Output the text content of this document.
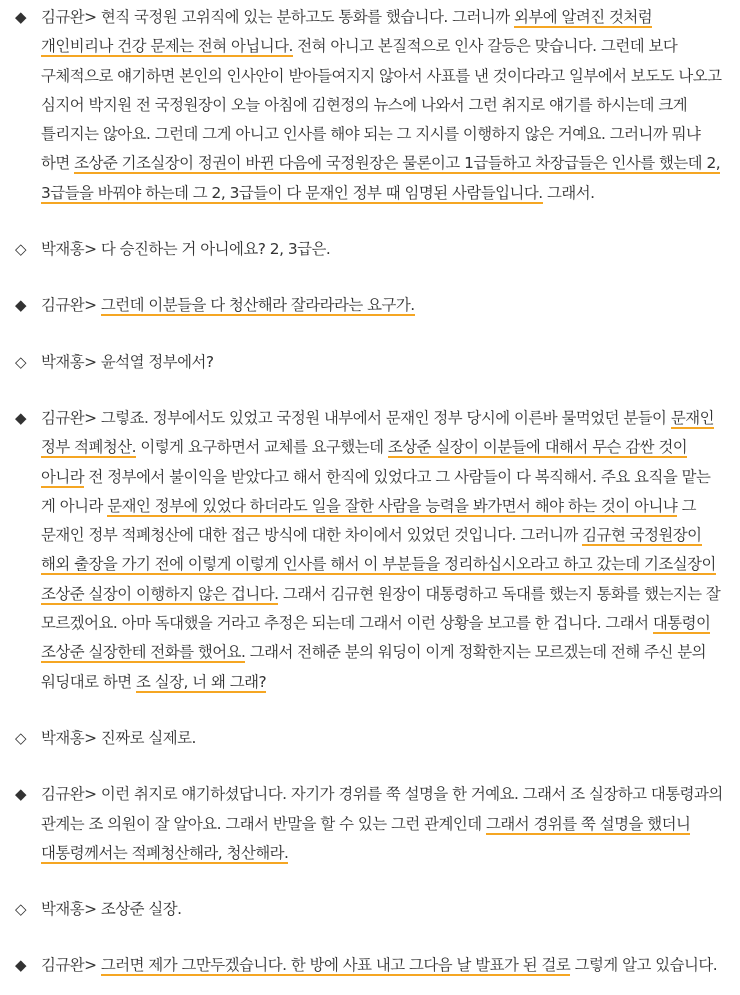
◆ 김규완> 현직 국정원 고위직에 있는 분하고도 통화를 했습니다. 그러니까 외부에 알려진 것처럼 개인비리나 건강 문제는 전혀 아닙니다. 전혀 아니고 본질적으로 인사 갈등은 맞습니다. 그런데 보다 구체적으로 얘기하면 본인의 인사안이 받아들여지지 않아서 사표를 낸 것이다라고 일부에서 보도도 나오고 심지어 박지원 전 국정원장이 오늘 아침에 김현정의 뉴스에 나와서 그런 취지로 얘기를 하시는데 크게 틀리지는 않아요. 그런데 그게 아니고 인사를 해야 되는 그 지시를 이행하지 않은 거예요. 그러니까 뭐냐 하면 조상준 기조실장이 정권이 바뀐 다음에 국정원장은 물론이고 1급들하고 차장급들은 인사를 했는데 2, 3급들을 바꿔야 하는데 그 2, 3급들이 다 문재인 정부 때 임명된 사람들입니다. 그래서.

◇ 박재홍> 다 승진하는 거 아니에요? 2, 3급은.

◆ 김규완> 그런데 이분들을 다 청산해라 잘라라라는 요구가.

◇ 박재홍> 윤석열 정부에서?

◆ 김규완> 그렇죠. 정부에서도 있었고 국정원 내부에서 문재인 정부 당시에 이른바 물먹었던 분들이 문재인 정부 적폐청산. 이렇게 요구하면서 교체를 요구했는데 조상준 실장이 이분들에 대해서 무슨 감싼 것이 아니라 전 정부에서 불이익을 받았다고 해서 한직에 있었다고 그 사람들이 다 복직해서. 주요 요직을 맡는 게 아니라 문재인 정부에 있었다 하더라도 일을 잘한 사람을 능력을 봐가면서 해야 하는 것이 아니냐 그 문재인 정부 적폐청산에 대한 접근 방식에 대한 차이에서 있었던 것입니다. 그러니까 김규현 국정원장이 해외 출장을 가기 전에 이렇게 이렇게 인사를 해서 이 부분들을 정리하십시오라고 하고 갔는데 기조실장이 조상준 실장이 이행하지 않은 겁니다. 그래서 김규현 원장이 대통령하고 독대를 했는지 통화를 했는지는 잘 모르겠어요. 아마 독대했을 거라고 추정은 되는데 그래서 이런 상황을 보고를 한 겁니다. 그래서 대통령이 조상준 실장한테 전화를 했어요. 그래서 전해준 분의 워딩이 이게 정확한지는 모르겠는데 전해 주신 분의 워딩대로 하면 조 실장, 너 왜 그래?

◇ 박재홍> 진짜로 실제로.

◆ 김규완> 이런 취지로 얘기하셨답니다. 자기가 경위를 쭉 설명을 한 거예요. 그래서 조 실장하고 대통령과의 관계는 조 의원이 잘 알아요. 그래서 반말을 할 수 있는 그런 관계인데 그래서 경위를 쭉 설명을 했더니 대통령께서는 적폐청산해라, 청산해라.

◇ 박재홍> 조상준 실장.

◆ 김규완> 그러면 제가 그만두겠습니다. 한 방에 사표 내고 그다음 날 발표가 된 걸로 그렇게 알고 있습니다.
